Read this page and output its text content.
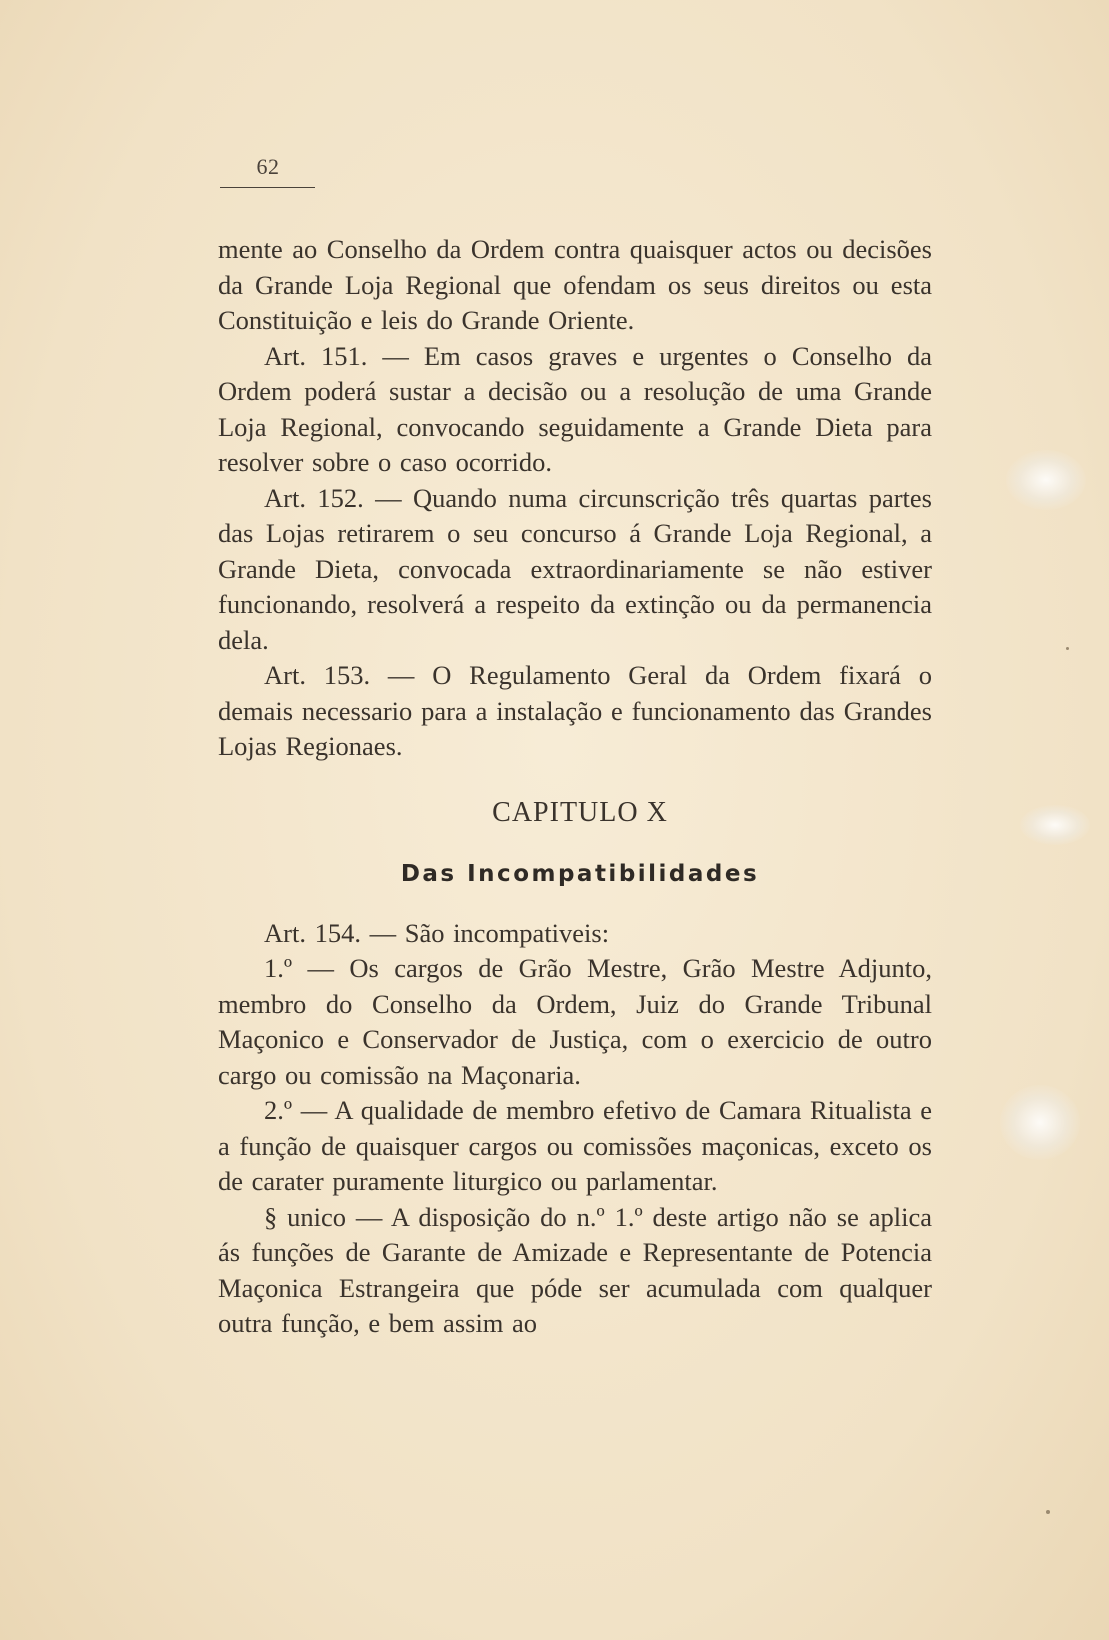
62

mente ao Conselho da Ordem contra quaisquer actos ou decisões da Grande Loja Regional que ofendam os seus direitos ou esta Constituição e leis do Grande Oriente.

Art. 151. — Em casos graves e urgentes o Conselho da Ordem poderá sustar a decisão ou a resolução de uma Grande Loja Regional, convocando seguidamente a Grande Dieta para resolver sobre o caso ocorrido.

Art. 152. — Quando numa circunscrição três quartas partes das Lojas retirarem o seu concurso á Grande Loja Regional, a Grande Dieta, convocada extraordinariamente se não estiver funcionando, resolverá a respeito da extinção ou da permanencia dela.

Art. 153. — O Regulamento Geral da Ordem fixará o demais necessario para a instalação e funcionamento das Grandes Lojas Regionaes.

CAPITULO X
Das Incompatibilidades

Art. 154. — São incompativeis:

1.º — Os cargos de Grão Mestre, Grão Mestre Adjunto, membro do Conselho da Ordem, Juiz do Grande Tribunal Maçonico e Conservador de Justiça, com o exercicio de outro cargo ou comissão na Maçonaria.

2.º — A qualidade de membro efetivo de Camara Ritualista e a função de quaisquer cargos ou comissões maçonicas, exceto os de carater puramente liturgico ou parlamentar.

§ unico — A disposição do n.º 1.º deste artigo não se aplica ás funções de Garante de Amizade e Representante de Potencia Maçonica Estrangeira que póde ser acumulada com qualquer outra função, e bem assim ao
